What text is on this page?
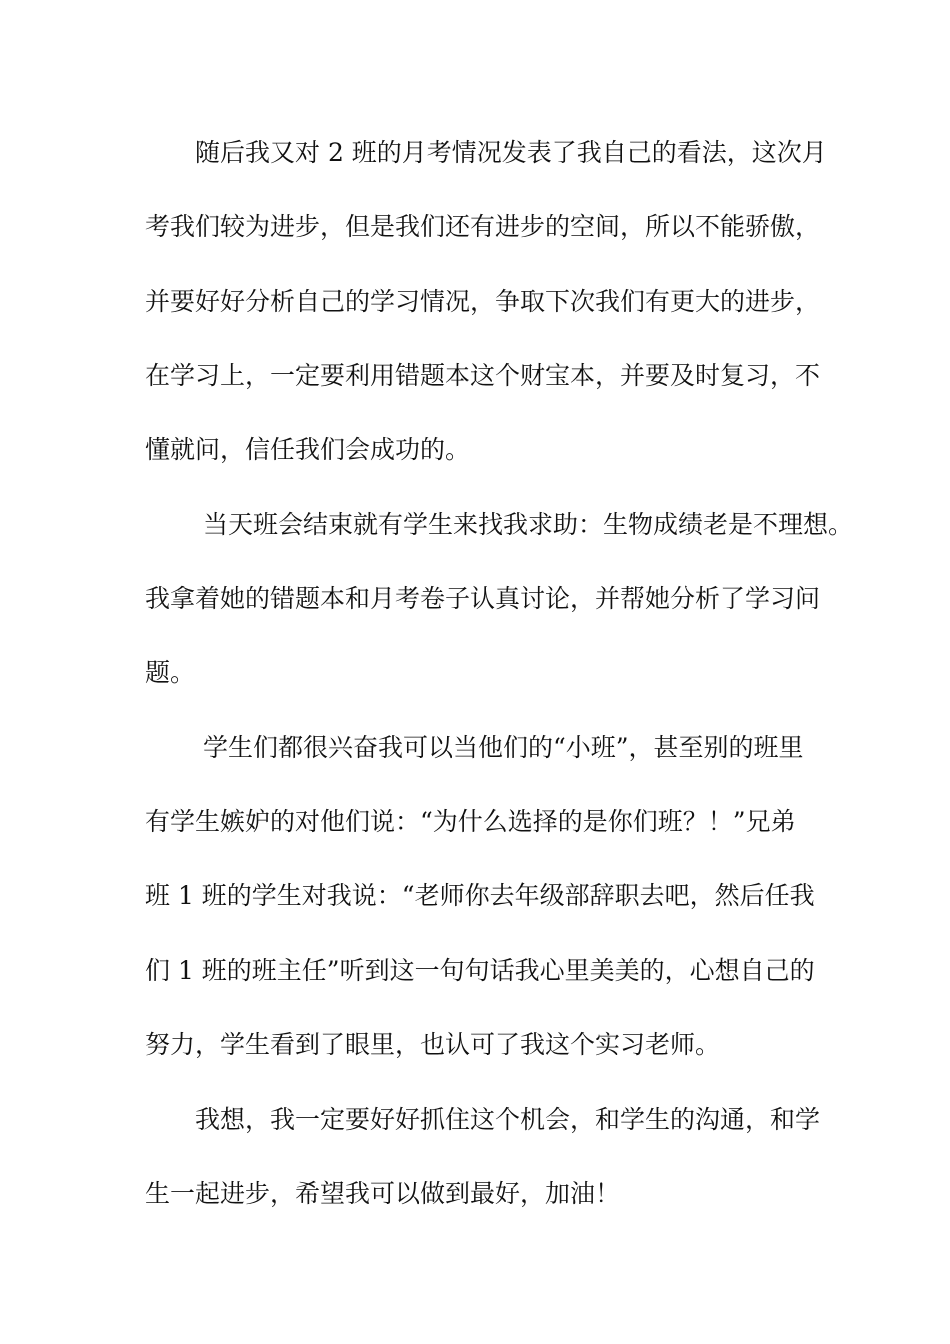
　　随后我又对 2 班的月考情况发表了我自己的看法，这次月
考我们较为进步，但是我们还有进步的空间，所以不能骄傲，
并要好好分析自己的学习情况，争取下次我们有更大的进步，
在学习上，一定要利用错题本这个财宝本，并要及时复习，不
懂就问，信任我们会成功的。
　　 当天班会结束就有学生来找我求助：生物成绩老是不理想。
我拿着她的错题本和月考卷子认真讨论，并帮她分析了学习问
题。
　　 学生们都很兴奋我可以当他们的“小班”，甚至别的班里
有学生嫉妒的对他们说：“为什么选择的是你们班？！”兄弟
班 1 班的学生对我说：“老师你去年级部辞职去吧，然后任我
们 1 班的班主任”听到这一句句话我心里美美的，心想自己的
努力，学生看到了眼里，也认可了我这个实习老师。
　　我想，我一定要好好抓住这个机会，和学生的沟通，和学
生一起进步，希望我可以做到最好，加油！
